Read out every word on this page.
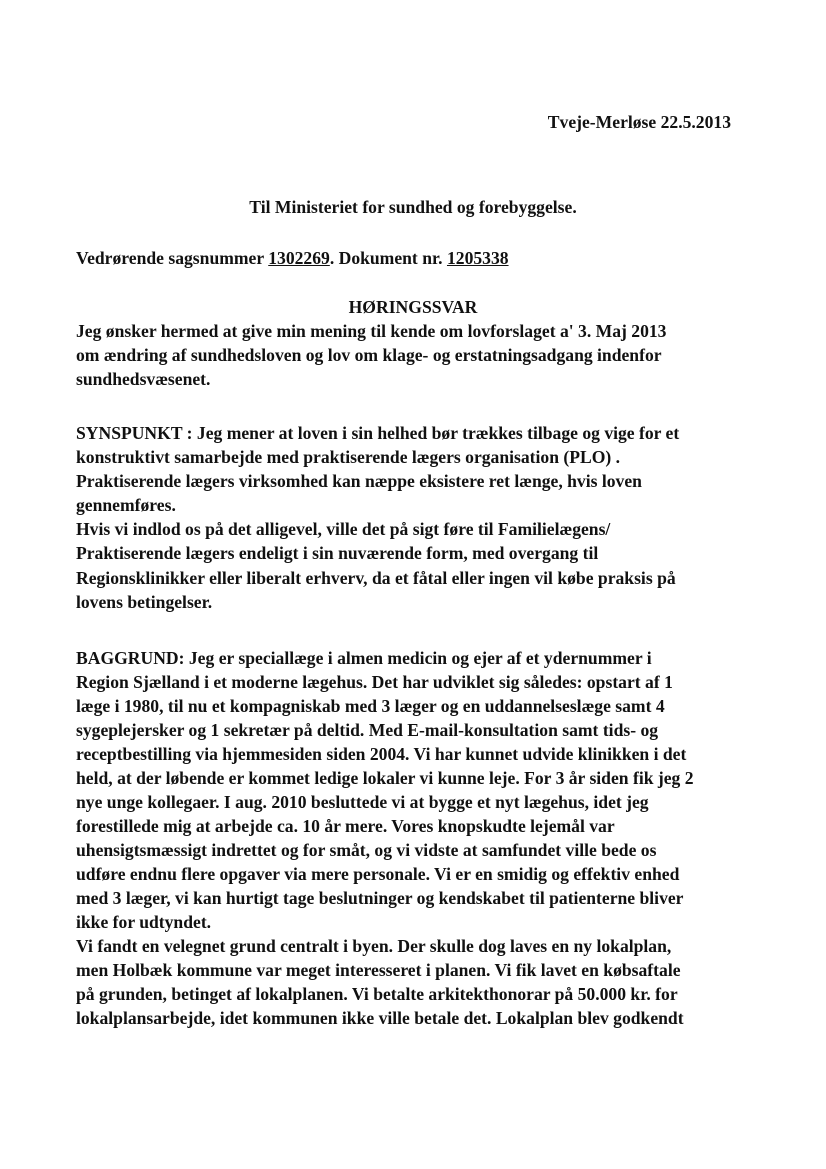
Tveje-Merløse 22.5.2013
Til Ministeriet for sundhed og forebyggelse.
Vedrørende sagsnummer 1302269. Dokument nr. 1205338
HØRINGSSVAR
Jeg ønsker hermed at give min mening til kende om lovforslaget a' 3. Maj 2013
om ændring af sundhedsloven og lov om klage- og erstatningsadgang indenfor
sundhedsvæsenet.
SYNSPUNKT : Jeg mener at loven i sin helhed bør trækkes tilbage og vige for et
konstruktivt samarbejde med praktiserende lægers organisation (PLO) .
Praktiserende lægers virksomhed kan næppe eksistere ret længe, hvis loven
gennemføres.
Hvis vi indlod os på det alligevel, ville det på sigt føre til Familielægens/
Praktiserende lægers endeligt i sin nuværende form, med overgang til
Regionsklinikker eller liberalt erhverv, da et fåtal eller ingen vil købe praksis på
lovens betingelser.
BAGGRUND: Jeg er speciallæge i almen medicin og ejer af et ydernummer i
Region Sjælland i et moderne lægehus. Det har udviklet sig således: opstart af 1
læge i 1980, til nu et kompagniskab med 3 læger og en uddannelseslæge samt 4
sygeplejersker og 1 sekretær på deltid. Med E-mail-konsultation samt tids- og
receptbestilling via hjemmesiden siden 2004. Vi har kunnet udvide klinikken i det
held, at der løbende er kommet ledige lokaler vi kunne leje. For 3 år siden fik jeg 2
nye unge kollegaer. I aug. 2010 besluttede vi at bygge et nyt lægehus, idet jeg
forestillede mig at arbejde ca. 10 år mere. Vores knopskudte lejemål var
uhensigtsmæssigt indrettet og for småt, og vi vidste at samfundet ville bede os
udføre endnu flere opgaver via mere personale. Vi er en smidig og effektiv enhed
med 3 læger, vi kan hurtigt tage beslutninger og kendskabet til patienterne bliver
ikke for udtyndet.
Vi fandt en velegnet grund centralt i byen. Der skulle dog laves en ny lokalplan,
men Holbæk kommune var meget interesseret i planen. Vi fik lavet en købsaftale
på grunden, betinget af lokalplanen. Vi betalte arkitekthonorar på 50.000 kr. for
lokalplansarbejde, idet kommunen ikke ville betale det. Lokalplan blev godkendt
